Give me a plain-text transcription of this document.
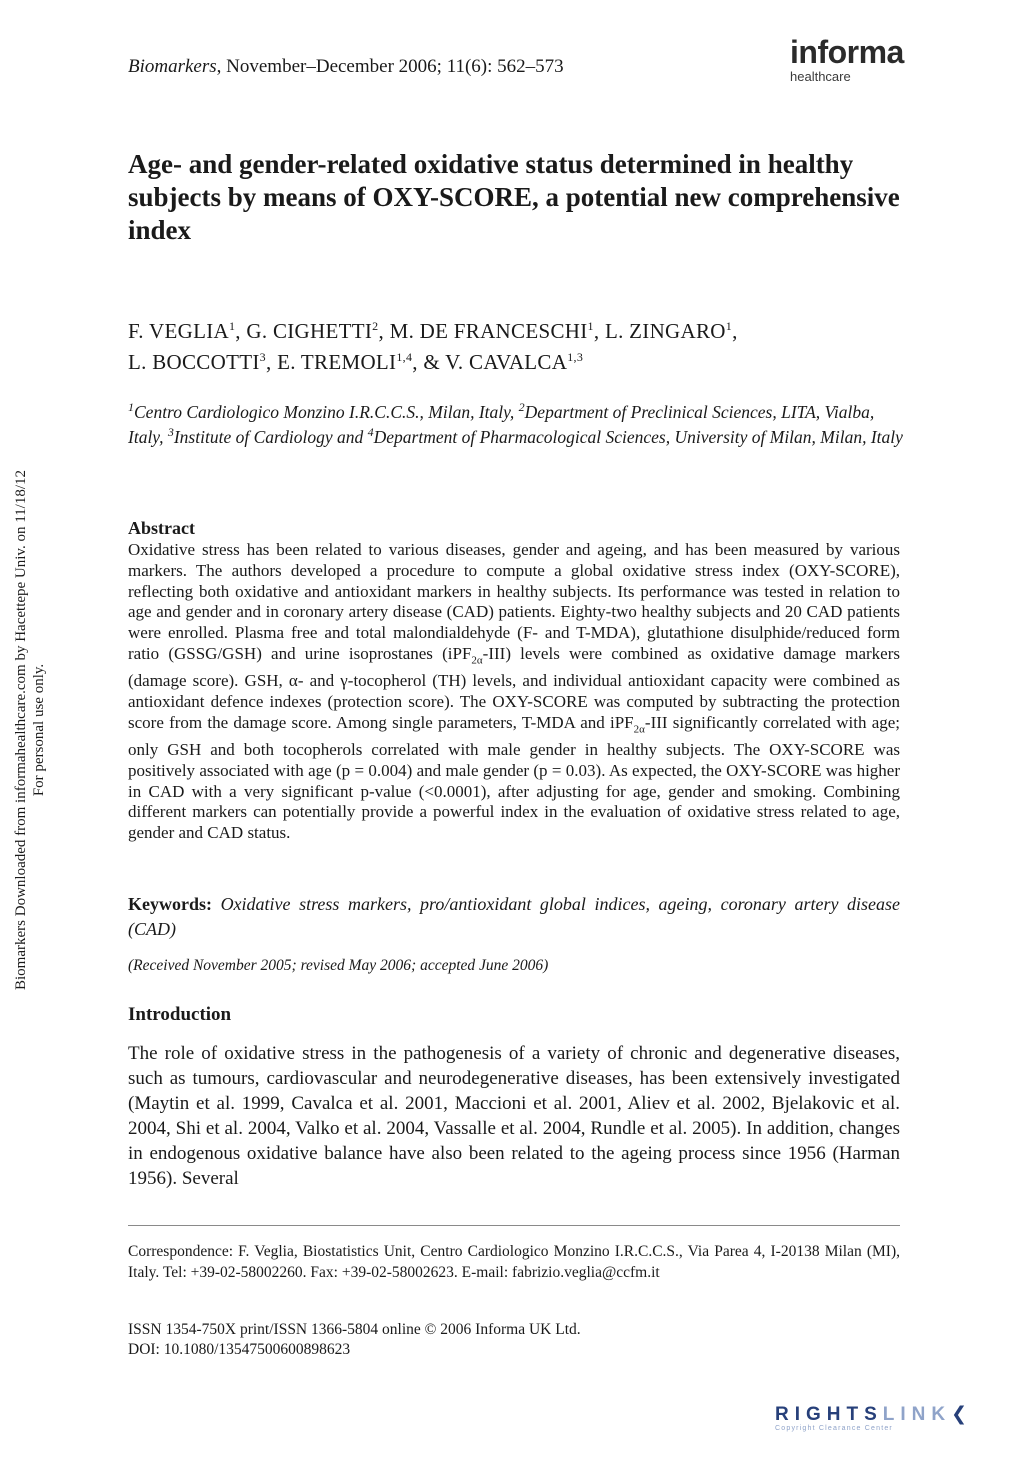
Biomarkers, November–December 2006; 11(6): 562–573	informa
healthcare
Age- and gender-related oxidative status determined in healthy subjects by means of OXY-SCORE, a potential new comprehensive index
F. VEGLIA$^1$, G. CIGHETTI$^2$, M. DE FRANCESCHI$^1$, L. ZINGARO$^1$,
L. BOCCOTTI$^3$, E. TREMOLI$^{1,4}$, & V. CAVALCA$^{1,3}$
$^1$Centro Cardiologico Monzino I.R.C.C.S., Milan, Italy, $^2$Department of Preclinical Sciences, LITA, Vialba, Italy, $^3$Institute of Cardiology and $^4$Department of Pharmacological Sciences, University of Milan, Milan, Italy
Abstract

Oxidative stress has been related to various diseases, gender and ageing, and has been measured by various markers. The authors developed a procedure to compute a global oxidative stress index (OXY-SCORE), reflecting both oxidative and antioxidant markers in healthy subjects. Its performance was tested in relation to age and gender and in coronary artery disease (CAD) patients. Eighty-two healthy subjects and 20 CAD patients were enrolled. Plasma free and total malondialdehyde (F- and T-MDA), glutathione disulphide/reduced form ratio (GSSG/GSH) and urine isoprostanes (iPF$_{2\alpha}$-III) levels were combined as oxidative damage markers (damage score). GSH, α- and γ-tocopherol (TH) levels, and individual antioxidant capacity were combined as antioxidant defence indexes (protection score). The OXY-SCORE was computed by subtracting the protection score from the damage score. Among single parameters, T-MDA and iPF$_{2\alpha}$-III significantly correlated with age; only GSH and both tocopherols correlated with male gender in healthy subjects. The OXY-SCORE was positively associated with age (p = 0.004) and male gender (p = 0.03). As expected, the OXY-SCORE was higher in CAD with a very significant p-value (<0.0001), after adjusting for age, gender and smoking. Combining different markers can potentially provide a powerful index in the evaluation of oxidative stress related to age, gender and CAD status.

Keywords: Oxidative stress markers, pro/antioxidant global indices, ageing, coronary artery disease (CAD)
(Received November 2005; revised May 2006; accepted June 2006)
Introduction
The role of oxidative stress in the pathogenesis of a variety of chronic and degenerative diseases, such as tumours, cardiovascular and neurodegenerative diseases, has been extensively investigated (Maytin et al. 1999, Cavalca et al. 2001, Maccioni et al. 2001, Aliev et al. 2002, Bjelakovic et al. 2004, Shi et al. 2004, Valko et al. 2004, Vassalle et al. 2004, Rundle et al. 2005). In addition, changes in endogenous oxidative balance have also been related to the ageing process since 1956 (Harman 1956). Several
Correspondence: F. Veglia, Biostatistics Unit, Centro Cardiologico Monzino I.R.C.C.S., Via Parea 4, I-20138 Milan (MI), Italy. Tel: +39-02-58002260. Fax: +39-02-58002623. E-mail: fabrizio.veglia@ccfm.it
ISSN 1354-750X print/ISSN 1366-5804 online © 2006 Informa UK Ltd.
DOI: 10.1080/13547500600898623
Biomarkers Downloaded from informahealthcare.com by Hacettepe Univ. on 11/18/12 For personal use only.
RIGHTSLINK❮
Copyright Clearance Center
